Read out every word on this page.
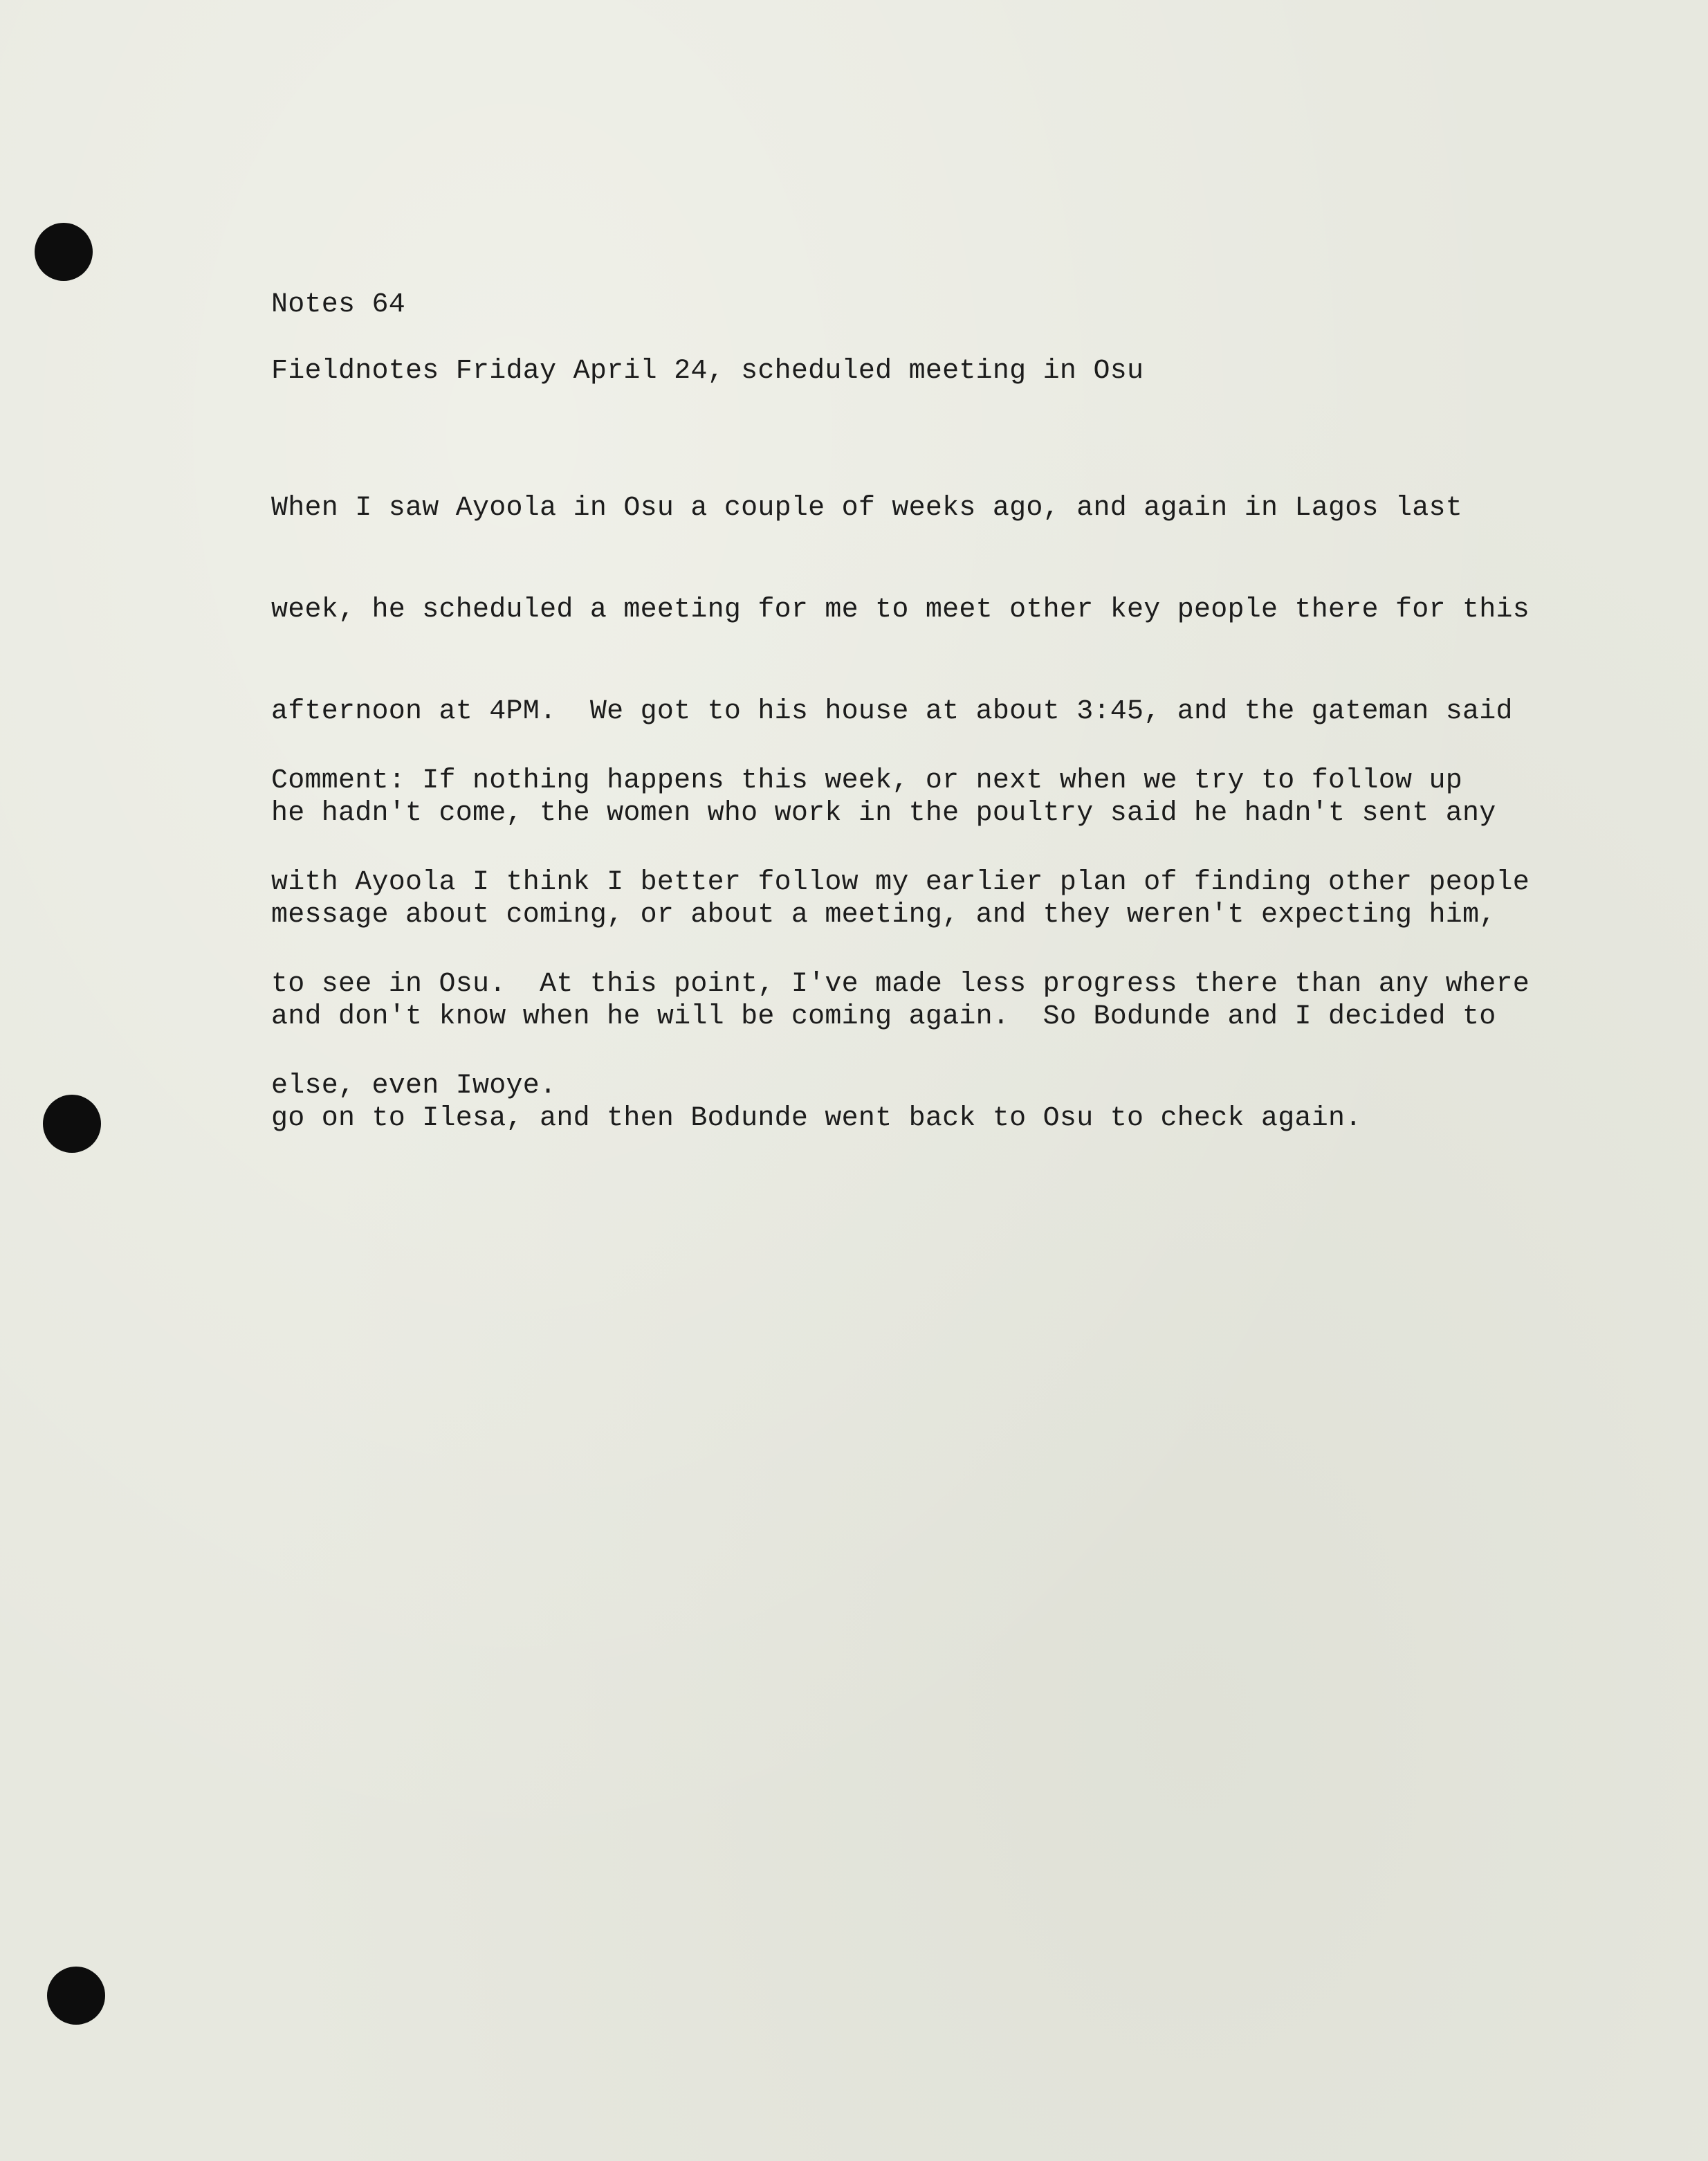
Notes 64
Fieldnotes Friday April 24, scheduled meeting in Osu

When I saw Ayoola in Osu a couple of weeks ago, and again in Lagos last

week, he scheduled a meeting for me to meet other key people there for this

afternoon at 4PM.  We got to his house at about 3:45, and the gateman said

he hadn't come, the women who work in the poultry said he hadn't sent any

message about coming, or about a meeting, and they weren't expecting him,

and don't know when he will be coming again.  So Bodunde and I decided to

go on to Ilesa, and then Bodunde went back to Osu to check again.

Comment: If nothing happens this week, or next when we try to follow up

with Ayoola I think I better follow my earlier plan of finding other people

to see in Osu.  At this point, I've made less progress there than any where

else, even Iwoye.
